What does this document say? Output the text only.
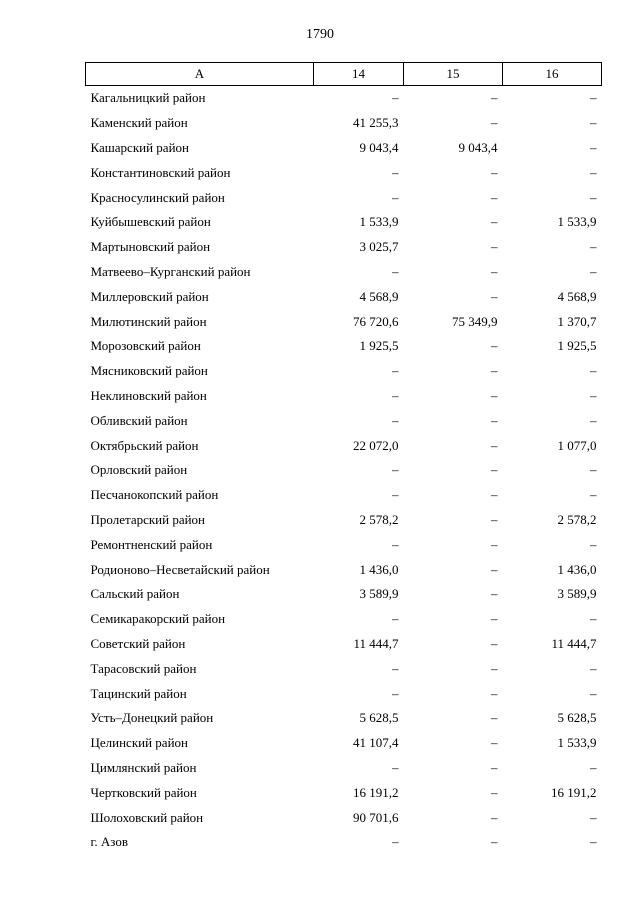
1790
А	14	15	16
Кагальницкий район	–	–	–
Каменский район	41 255,3	–	–
Кашарский район	9 043,4	9 043,4	–
Константиновский район	–	–	–
Красносулинский район	–	–	–
Куйбышевский район	1 533,9	–	1 533,9
Мартыновский район	3 025,7	–	–
Матвеево–Курганский район	–	–	–
Миллеровский район	4 568,9	–	4 568,9
Милютинский район	76 720,6	75 349,9	1 370,7
Морозовский район	1 925,5	–	1 925,5
Мясниковский район	–	–	–
Неклиновский район	–	–	–
Обливский район	–	–	–
Октябрьский район	22 072,0	–	1 077,0
Орловский район	–	–	–
Песчанокопский район	–	–	–
Пролетарский район	2 578,2	–	2 578,2
Ремонтненский район	–	–	–
Родионово–Несветайский район	1 436,0	–	1 436,0
Сальский район	3 589,9	–	3 589,9
Семикаракорский район	–	–	–
Советский район	11 444,7	–	11 444,7
Тарасовский район	–	–	–
Тацинский район	–	–	–
Усть–Донецкий район	5 628,5	–	5 628,5
Целинский район	41 107,4	–	1 533,9
Цимлянский район	–	–	–
Чертковский район	16 191,2	–	16 191,2
Шолоховский район	90 701,6	–	–
г. Азов	–	–	–
